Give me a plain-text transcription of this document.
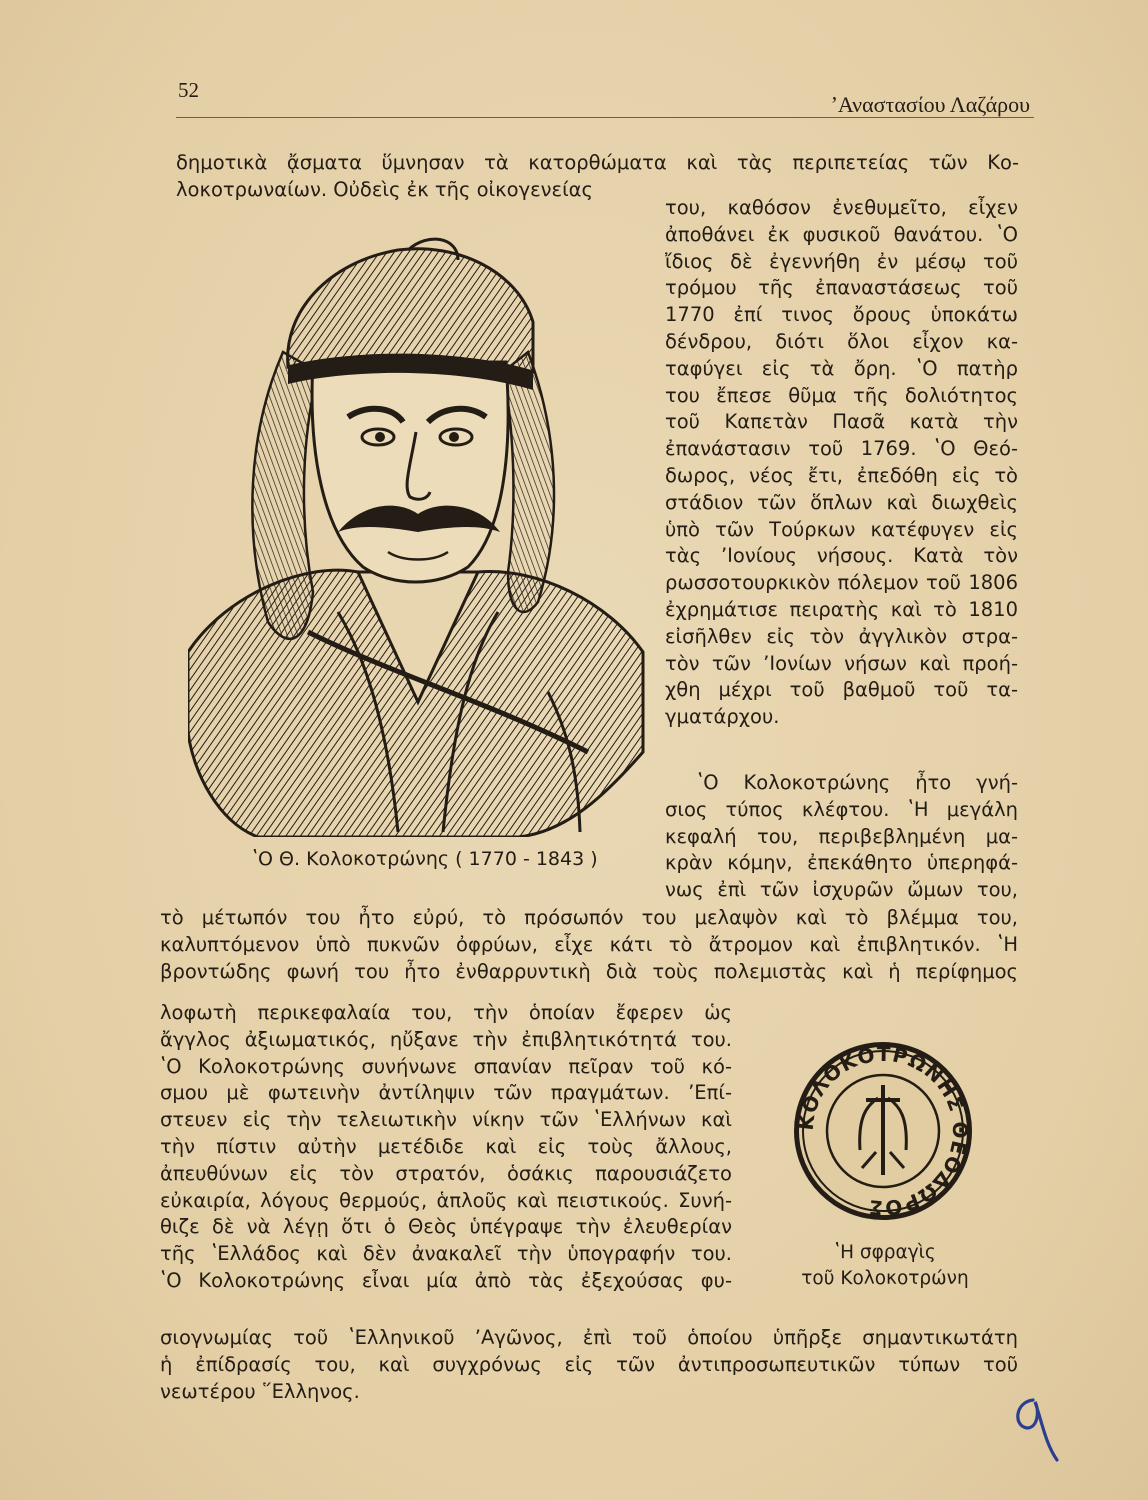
52
ʼΑναστασίου Λαζάρου
δημοτικὰ ᾄσματα ὕμνησαν τὰ κατορθώματα καὶ τὰς περιπετείας τῶν Κο-
λοκοτρωναίων. Οὐδεὶς ἐκ τῆς οἰκογενείας
του, καθόσον ἐνεθυμεῖτο, εἶχεν
ἀποθάνει ἐκ φυσικοῦ θανάτου. ʽΟ
ἴδιος δὲ ἐγεννήθη ἐν μέσῳ τοῦ
τρόμου τῆς ἐπαναστάσεως τοῦ
1770 ἐπί τινος ὄρους ὑποκάτω
δένδρου, διότι ὅλοι εἶχον κα-
ταφύγει εἰς τὰ ὄρη. ʽΟ πατὴρ
του ἔπεσε θῦμα τῆς δολιότητος
τοῦ Καπετὰν Πασᾶ κατὰ τὴν
ἐπανάστασιν τοῦ 1769. ʽΟ Θεό-
δωρος, νέος ἔτι, ἐπεδόθη εἰς τὸ
στάδιον τῶν ὅπλων καὶ διωχθεὶς
ὑπὸ τῶν Τούρκων κατέφυγεν εἰς
τὰς ʼΙονίους νήσους. Κατὰ τὸν
ρωσσοτουρκικὸν πόλεμον τοῦ 1806
ἐχρημάτισε πειρατὴς καὶ τὸ 1810
εἰσῆλθεν εἰς τὸν ἀγγλικὸν στρα-
τὸν τῶν ʼΙονίων νήσων καὶ προή-
χθη μέχρι τοῦ βαθμοῦ τοῦ τα-
γματάρχου.
ʽΟ Κολοκοτρώνης ἦτο γνή-
σιος τύπος κλέφτου. ʽΗ μεγάλη
κεφαλή του, περιβεβλημένη μα-
κρὰν κόμην, ἐπεκάθητο ὑπερηφά-
νως ἐπὶ τῶν ἰσχυρῶν ὤμων του,
τὸ μέτωπόν του ἦτο εὐρύ, τὸ πρόσωπόν του μελαψὸν καὶ τὸ βλέμμα του,
καλυπτόμενον ὑπὸ πυκνῶν ὀφρύων, εἶχε κάτι τὸ ἄτρομον καὶ ἐπιβλητικόν. ʽΗ
βροντώδης φωνή του ἦτο ἐνθαρρυντικὴ διὰ τοὺς πολεμιστὰς καὶ ἡ περίφημος
λοφωτὴ περικεφαλαία του, τὴν ὁποίαν ἔφερεν ὡς
ἄγγλος ἀξιωματικός, ηὔξανε τὴν ἐπιβλητικότητά του.
ʽΟ Κολοκοτρώνης συνήνωνε σπανίαν πεῖραν τοῦ κό-
σμου μὲ φωτεινὴν ἀντίληψιν τῶν πραγμάτων. ʼΕπί-
στευεν εἰς τὴν τελειωτικὴν νίκην τῶν ʽΕλλήνων καὶ
τὴν πίστιν αὐτὴν μετέδιδε καὶ εἰς τοὺς ἄλλους,
ἀπευθύνων εἰς τὸν στρατόν, ὁσάκις παρουσιάζετο
εὐκαιρία, λόγους θερμούς, ἁπλοῦς καὶ πειστικούς. Συνή-
θιζε δὲ νὰ λέγῃ ὅτι ὁ Θεὸς ὑπέγραψε τὴν ἐλευθερίαν
τῆς ʽΕλλάδος καὶ δὲν ἀνακαλεῖ τὴν ὑπογραφήν του.
ʽΟ Κολοκοτρώνης εἶναι μία ἀπὸ τὰς ἐξεχούσας φυ-
σιογνωμίας τοῦ ʽΕλληνικοῦ ʼΑγῶνος, ἐπὶ τοῦ ὁποίου ὑπῆρξε σημαντικωτάτη
ἡ ἐπίδρασίς του, καὶ συγχρόνως εἰς τῶν ἀντιπροσωπευτικῶν τύπων τοῦ
νεωτέρου ῞Ελληνος.
ʽΟ Θ. Κολοκοτρώνης ( 1770 - 1843 )
ΚΟΛΟΚΟΤΡΩΝΗΣ ΘΕΟΔΩΡΟΣ
ʽΗ σφραγὶς
τοῦ Κολοκοτρώνη
